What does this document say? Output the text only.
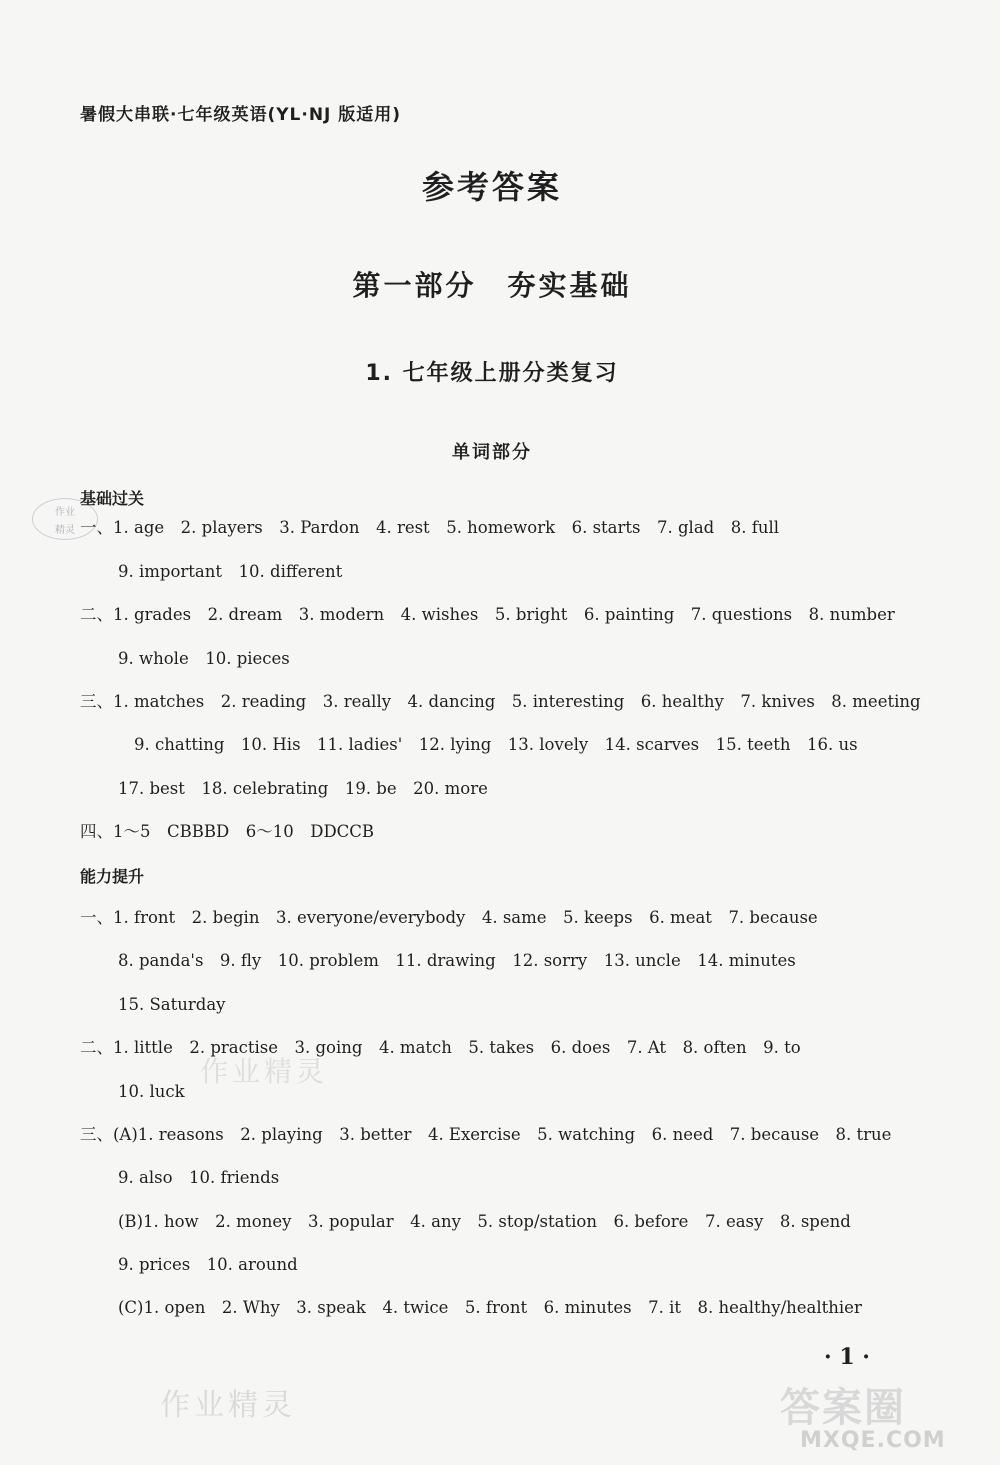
暑假大串联·七年级英语(YL·NJ 版适用)
参考答案
第一部分　夯实基础
1. 七年级上册分类复习
单词部分
作业
精灵
基础过关
一、1. age　2. players　3. Pardon　4. rest　5. homework　6. starts　7. glad　8. full
9. important　10. different
二、1. grades　2. dream　3. modern　4. wishes　5. bright　6. painting　7. questions　8. number
9. whole　10. pieces
三、1. matches　2. reading　3. really　4. dancing　5. interesting　6. healthy　7. knives　8. meeting
9. chatting　10. His　11. ladies'　12. lying　13. lovely　14. scarves　15. teeth　16. us
17. best　18. celebrating　19. be　20. more
四、1～5　CBBBD　6～10　DDCCB
能力提升
一、1. front　2. begin　3. everyone/everybody　4. same　5. keeps　6. meat　7. because
8. panda's　9. fly　10. problem　11. drawing　12. sorry　13. uncle　14. minutes
15. Saturday
二、1. little　2. practise　3. going　4. match　5. takes　6. does　7. At　8. often　9. to
10. luck
三、(A)1. reasons　2. playing　3. better　4. Exercise　5. watching　6. need　7. because　8. true
9. also　10. friends
(B)1. how　2. money　3. popular　4. any　5. stop/station　6. before　7. easy　8. spend
9. prices　10. around
(C)1. open　2. Why　3. speak　4. twice　5. front　6. minutes　7. it　8. healthy/healthier
· 1 ·
作业精灵
作业精灵	答案圈
MXQE.COM
